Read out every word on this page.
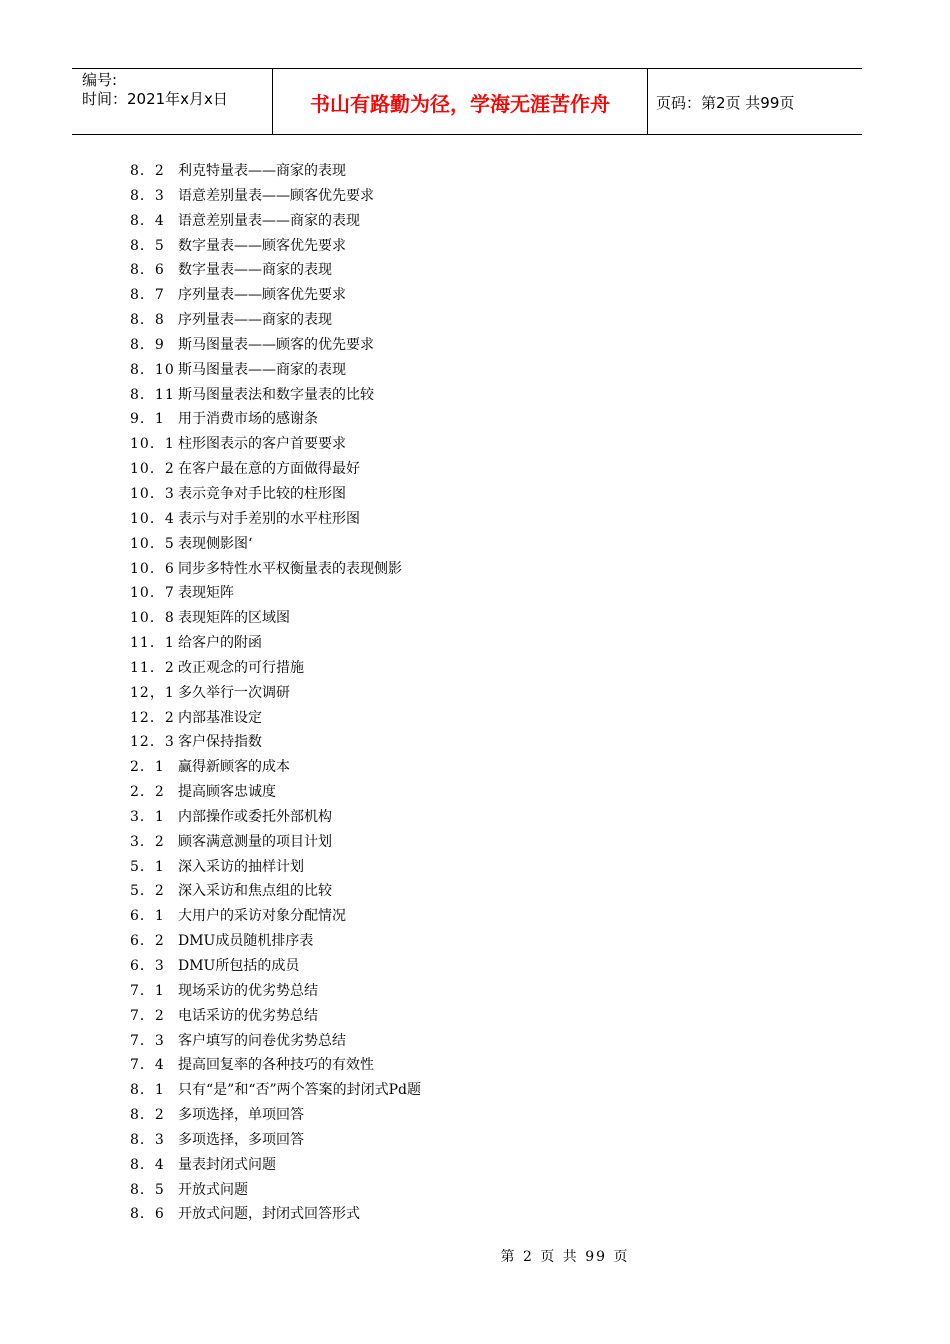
编号:
时间：2021年x月x日	书山有路勤为径，学海无涯苦作舟	页码：第2页 共99页
8．2 利克特量表——商家的表现
8．3 语意差别量表——顾客优先要求
8．4 语意差别量表——商家的表现
8．5 数字量表——顾客优先要求
8．6 数字量表——商家的表现
8．7 序列量表——顾客优先要求
8．8 序列量表——商家的表现
8．9 斯马图量表——顾客的优先要求
8．10 斯马图量表——商家的表现
8．11 斯马图量表法和数字量表的比较
9．1 用于消费市场的感谢条
10．1 柱形图表示的客户首要要求
10．2 在客户最在意的方面做得最好
10．3 表示竞争对手比较的柱形图
10．4 表示与对手差别的水平柱形图
10．5 表现侧影图‘
10．6 同步多特性水平权衡量表的表现侧影
10．7 表现矩阵
10．8 表现矩阵的区域图
11．1 给客户的附函
11．2 改正观念的可行措施
12，1 多久举行一次调研
12．2 内部基准设定
12．3 客户保持指数
2．1 赢得新顾客的成本
2．2 提高顾客忠诚度
3．1 内部操作或委托外部机构
3．2 顾客满意测量的项目计划
5．1 深入采访的抽样计划
5．2 深入采访和焦点组的比较
6．1 大用户的采访对象分配情况
6．2 DMU成员随机排序表
6．3 DMU所包括的成员
7．1 现场采访的优劣势总结
7．2 电话采访的优劣势总结
7．3 客户填写的问卷优劣势总结
7．4 提高回复率的各种技巧的有效性
8．1 只有“是”和“否”两个答案的封闭式Pd题
8．2 多项选择，单项回答
8．3 多项选择，多项回答
8．4 量表封闭式问题
8．5 开放式问题
8．6 开放式问题，封闭式回答形式
第 2 页 共 99 页
